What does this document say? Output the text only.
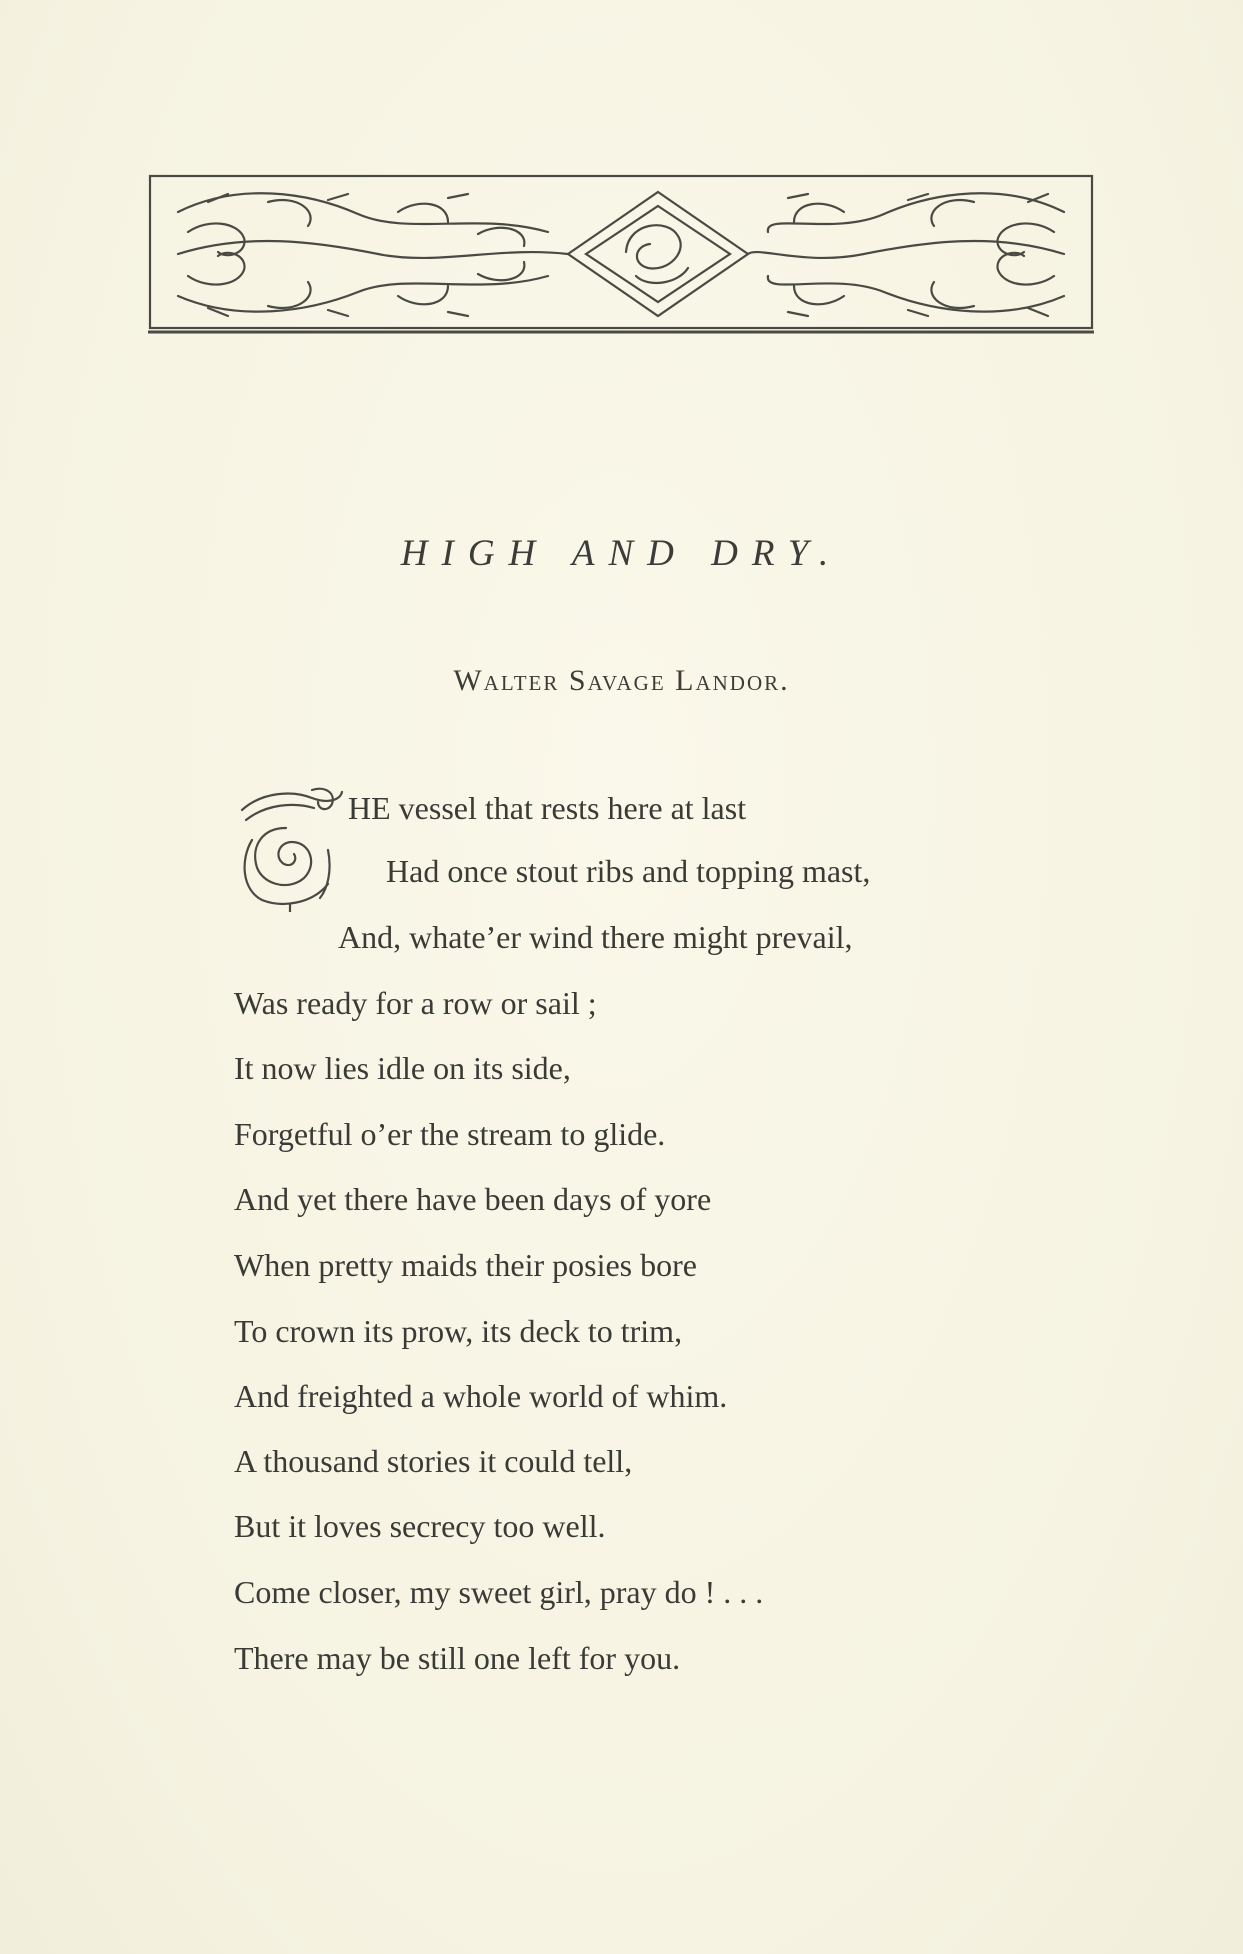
HIGH AND DRY.
Walter Savage Landor.
HE vessel that rests here at last
Had once stout ribs and topping mast,
And, whate’er wind there might prevail,
Was ready for a row or sail ;
It now lies idle on its side,
Forgetful o’er the stream to glide.
And yet there have been days of yore
When pretty maids their posies bore
To crown its prow, its deck to trim,
And freighted a whole world of whim.
A thousand stories it could tell,
But it loves secrecy too well.
Come closer, my sweet girl, pray do ! . . .
There may be still one left for you.
